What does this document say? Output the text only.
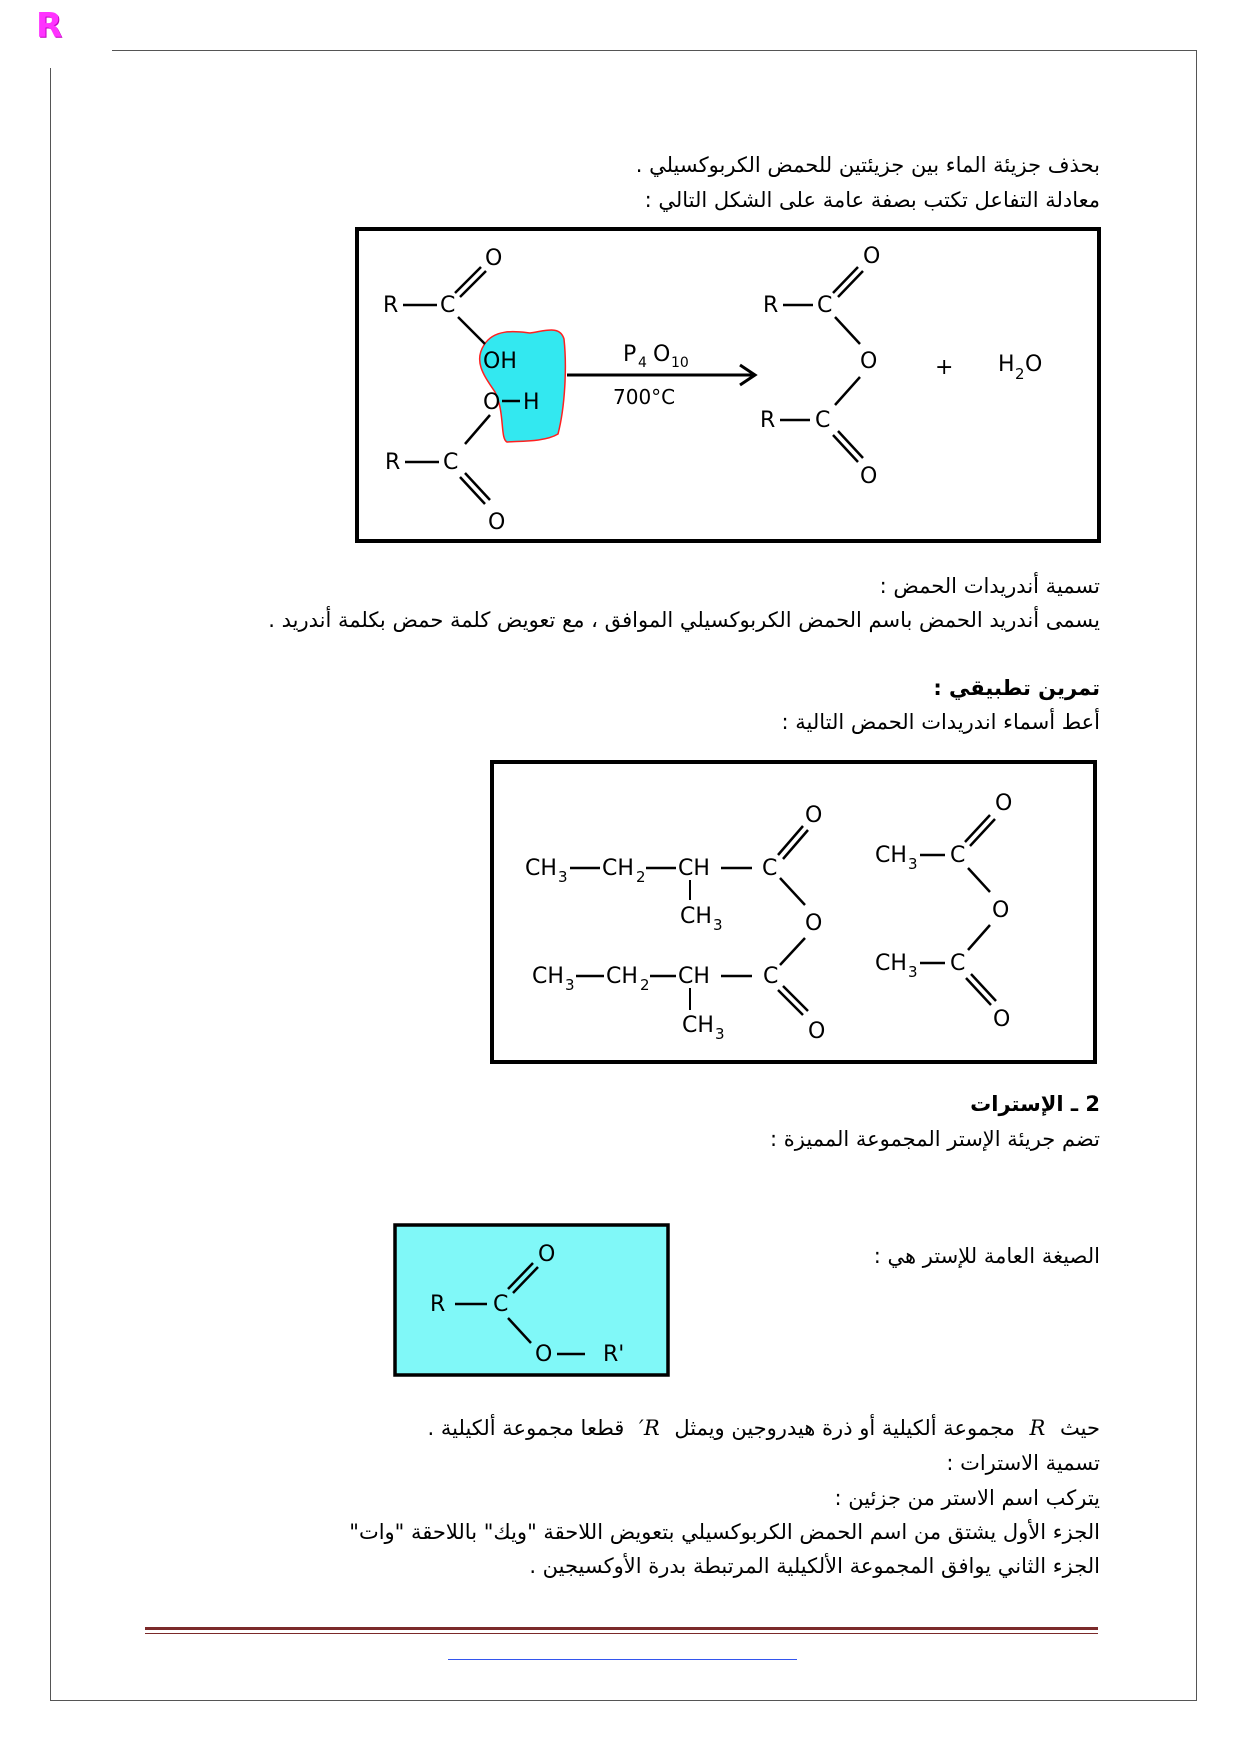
R
بحذف جزيئة الماء بين جزيئتين للحمض الكربوكسيلي .
معادلة التفاعل تكتب بصفة عامة على الشكل التالي :
R C
O
OH
O H
R C
O
P 4 O 10
700°C
O
R C
O
R C
O
+ H 2 O
تسمية أندريدات الحمض :
يسمى أندريد الحمض باسم الحمض الكربوكسيلي الموافق ، مع تعويض كلمة حمض بكلمة أندريد .
تمرين تطبيقي :
أعط أسماء اندريدات الحمض التالية :
CH 3 CH 2 CH C
CH 3
O
O
CH 3 CH 2 CH C
CH 3	O
O
CH 3 C
O
CH 3 C
O
2 ـ الإسترات
تضم جريئة الإستر المجموعة المميزة :
الصيغة العامة للإستر هي :
O
R C
O R'
حيث R مجموعة ألكيلية أو ذرة هيدروجين ويمثل R′ قطعا مجموعة ألكيلية .
تسمية الاسترات :
يتركب اسم الاستر من جزئين :
الجزء الأول يشتق من اسم الحمض الكربوكسيلي بتعويض اللاحقة "ويك" باللاحقة "وات"
الجزء الثاني يوافق المجموعة الألكيلية المرتبطة بدرة الأوكسيجين .
